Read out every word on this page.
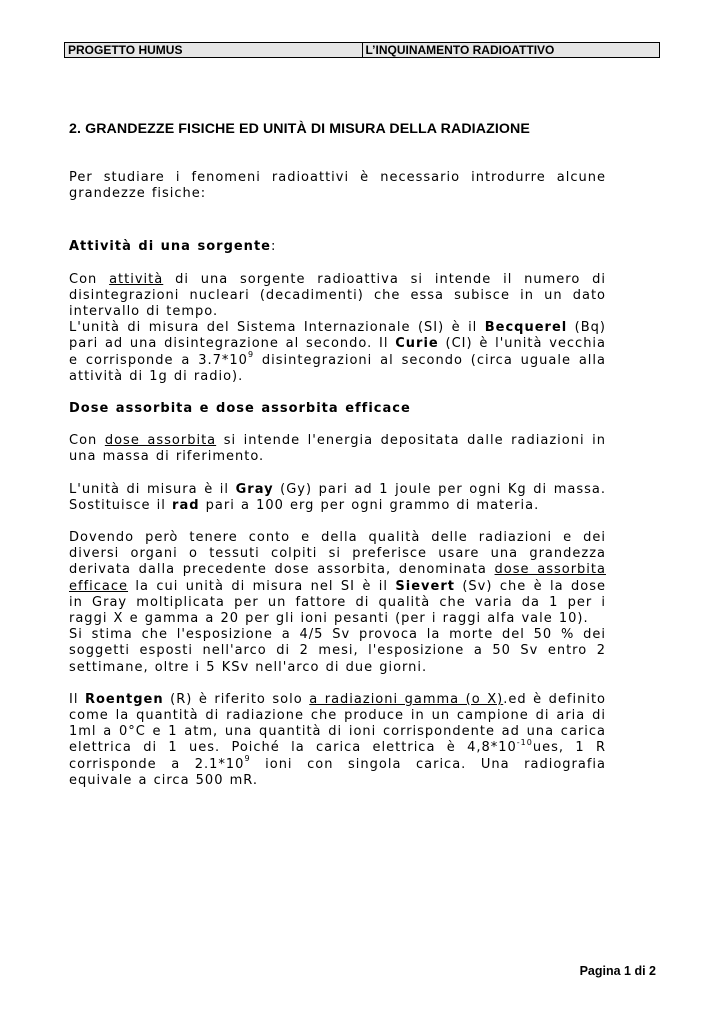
PROGETTO HUMUS	L’INQUINAMENTO RADIOATTIVO
2. GRANDEZZE FISICHE ED UNITÀ DI MISURA DELLA RADIAZIONE

Per studiare i fenomeni radioattivi è necessario introdurre alcune grandezze fisiche:

Attività di una sorgente:

Con attività di una sorgente radioattiva si intende il numero di disintegrazioni nucleari (decadimenti) che essa subisce in un dato intervallo di tempo.

L'unità di misura del Sistema Internazionale (SI) è il Becquerel (Bq) pari ad una disintegrazione al secondo. Il Curie (CI) è l'unità vecchia e corrisponde a $3.7*10^9$ disintegrazioni al secondo (circa uguale alla attività di 1g di radio).

Dose assorbita e dose assorbita efficace

Con dose assorbita si intende l'energia depositata dalle radiazioni in una massa di riferimento.

L'unità di misura è il Gray (Gy) pari ad 1 joule per ogni Kg di massa. Sostituisce il rad pari a 100 erg per ogni grammo di materia.

Dovendo però tenere conto e della qualità delle radiazioni e dei diversi organi o tessuti colpiti si preferisce usare una grandezza derivata dalla precedente dose assorbita, denominata dose assorbita efficace la cui unità di misura nel SI è il Sievert (Sv) che è la dose in Gray moltiplicata per un fattore di qualità che varia da 1 per i raggi X e gamma a 20 per gli ioni pesanti (per i raggi alfa vale 10).

Si stima che l'esposizione a 4/5 Sv provoca la morte del 50 % dei soggetti esposti nell'arco di 2 mesi, l'esposizione a 50 Sv entro 2 settimane, oltre i 5 KSv nell'arco di due giorni.

Il Roentgen (R) è riferito solo a radiazioni gamma (o X).ed è definito come la quantità di radiazione che produce in un campione di aria di 1ml a 0°C e 1 atm, una quantità di ioni corrispondente ad una carica elettrica di 1 ues. Poiché la carica elettrica è $4,8*10^{-10}ues$, 1 R corrisponde a $2.1*10^9$ ioni con singola carica. Una radiografia equivale a circa 500 mR.

Pagina 1 di 2
